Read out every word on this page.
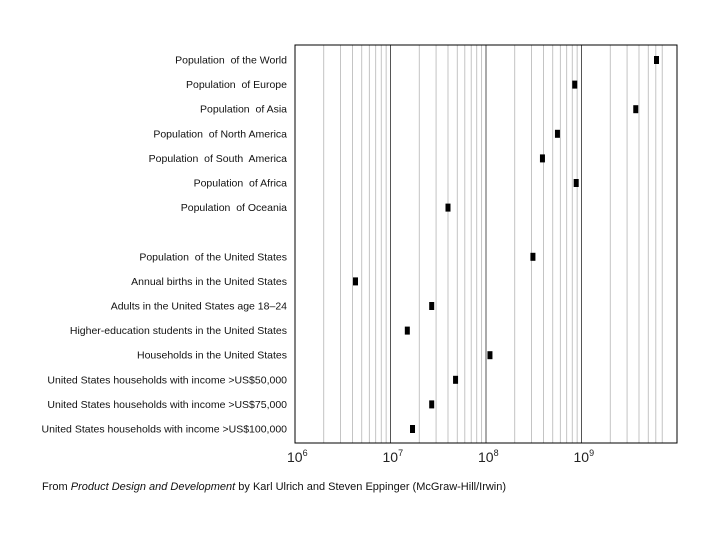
Population  of the World
Population  of Europe
Population  of Asia
Population  of North America
Population  of South  America
Population  of Africa
Population  of Oceania
Population  of the United States
Annual births in the United States
Adults in the United States age 18–24
Higher-education students in the United States
Households in the United States
United States households with income >US$50,000
United States households with income >US$75,000
United States households with income >US$100,000
$10^6$	$10^7$	$10^8$	$10^9$
From Product Design and Development by Karl Ulrich and Steven Eppinger (McGraw-Hill/Irwin)
